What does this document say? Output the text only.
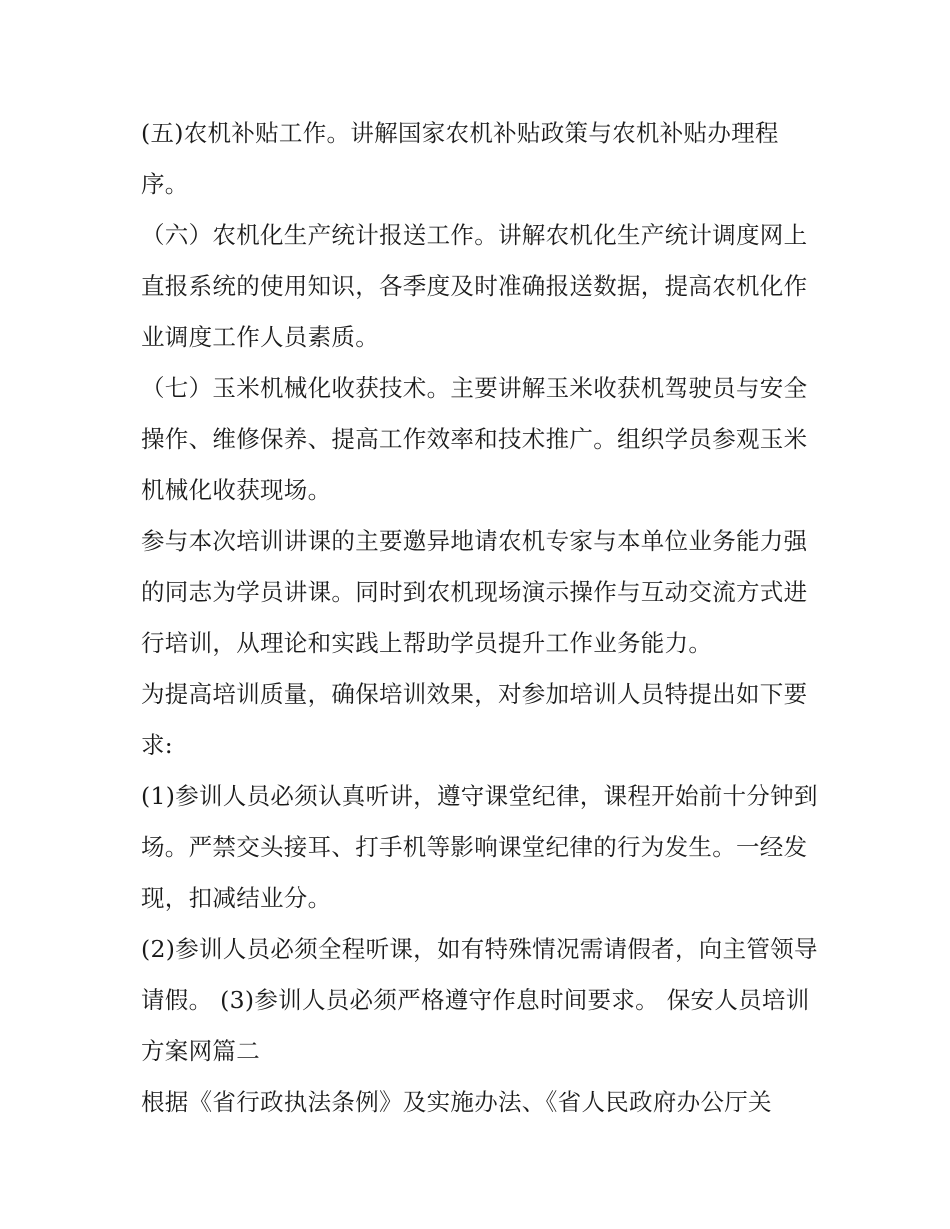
(五)农机补贴工作。讲解国家农机补贴政策与农机补贴办理程序。

（六）农机化生产统计报送工作。讲解农机化生产统计调度网上直报系统的使用知识，各季度及时准确报送数据，提高农机化作业调度工作人员素质。

（七）玉米机械化收获技术。主要讲解玉米收获机驾驶员与安全操作、维修保养、提高工作效率和技术推广。组织学员参观玉米机械化收获现场。

参与本次培训讲课的主要邀异地请农机专家与本单位业务能力强的同志为学员讲课。同时到农机现场演示操作与互动交流方式进行培训，从理论和实践上帮助学员提升工作业务能力。

为提高培训质量，确保培训效果，对参加培训人员特提出如下要求:

(1)参训人员必须认真听讲，遵守课堂纪律，课程开始前十分钟到场。严禁交头接耳、打手机等影响课堂纪律的行为发生。一经发现，扣减结业分。

(2)参训人员必须全程听课，如有特殊情况需请假者，向主管领导请假。 (3)参训人员必须严格遵守作息时间要求。 保安人员培训方案网篇二

根据《省行政执法条例》及实施办法、《省人民政府办公厅关
